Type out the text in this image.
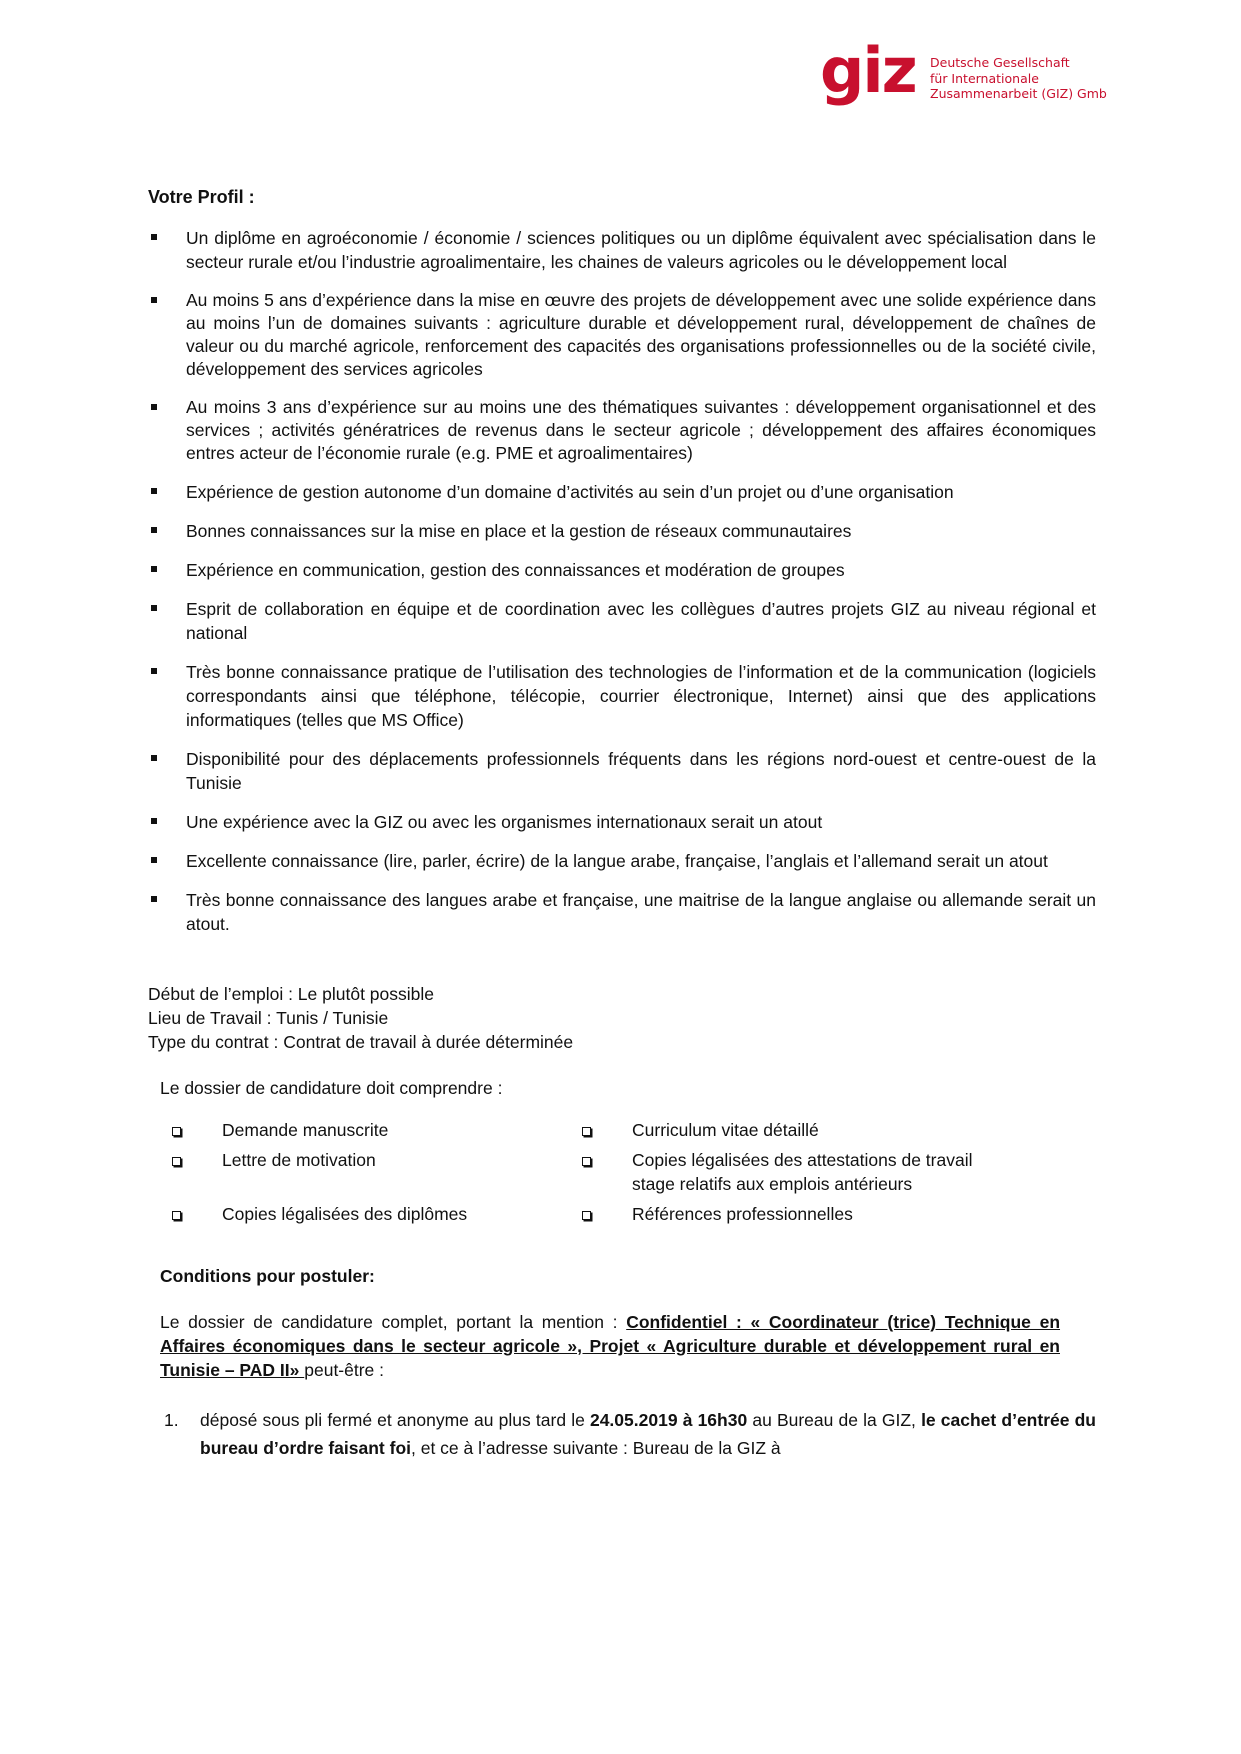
giz Deutsche Gesellschaft
für Internationale
Zusammenarbeit (GIZ) Gmb
Votre Profil :
Un diplôme en agroéconomie / économie / sciences politiques ou un diplôme équivalent avec spécialisation dans le secteur rurale et/ou l’industrie agroalimentaire, les chaines de valeurs agricoles ou le développement local
Au moins 5 ans d’expérience dans la mise en œuvre des projets de développement avec une solide expérience dans au moins l’un de domaines suivants : agriculture durable et développement rural, développement de chaînes de valeur ou du marché agricole, renforcement des capacités des organisations professionnelles ou de la société civile, développement des services agricoles
Au moins 3 ans d’expérience sur au moins une des thématiques suivantes : développement organisationnel et des services ; activités génératrices de revenus dans le secteur agricole ; développement des affaires économiques entres acteur de l’économie rurale (e.g. PME et agroalimentaires)
Expérience de gestion autonome d’un domaine d’activités au sein d’un projet ou d’une organisation
Bonnes connaissances sur la mise en place et la gestion de réseaux communautaires
Expérience en communication, gestion des connaissances et modération de groupes
Esprit de collaboration en équipe et de coordination avec les collègues d’autres projets GIZ au niveau régional et national
Très bonne connaissance pratique de l’utilisation des technologies de l’information et de la communication (logiciels correspondants ainsi que téléphone, télécopie, courrier électronique, Internet) ainsi que des applications informatiques (telles que MS Office)
Disponibilité pour des déplacements professionnels fréquents dans les régions nord-ouest et centre-ouest de la Tunisie
Une expérience avec la GIZ ou avec les organismes internationaux serait un atout
Excellente connaissance (lire, parler, écrire) de la langue arabe, française, l’anglais et l’allemand serait un atout
Très bonne connaissance des langues arabe et française, une maitrise de la langue anglaise ou allemande serait un atout.
Début de l’emploi : Le plutôt possible
Lieu de Travail : Tunis / Tunisie
Type du contrat : Contrat de travail à durée déterminée
Le dossier de candidature doit comprendre :
Demande manuscrite	Curriculum vitae détaillé
Lettre de motivation	Copies légalisées des attestations de travail stage relatifs aux emplois antérieurs
Copies légalisées des diplômes	Références professionnelles
Conditions pour postuler:
Le dossier de candidature complet, portant la mention : Confidentiel : « Coordinateur (trice) Technique en Affaires économiques dans le secteur agricole », Projet « Agriculture durable et développement rural en Tunisie – PAD II» peut-être :
1. déposé sous pli fermé et anonyme au plus tard le 24.05.2019 à 16h30 au Bureau de la GIZ, le cachet d’entrée du bureau d’ordre faisant foi, et ce à l’adresse suivante : Bureau de la GIZ à
